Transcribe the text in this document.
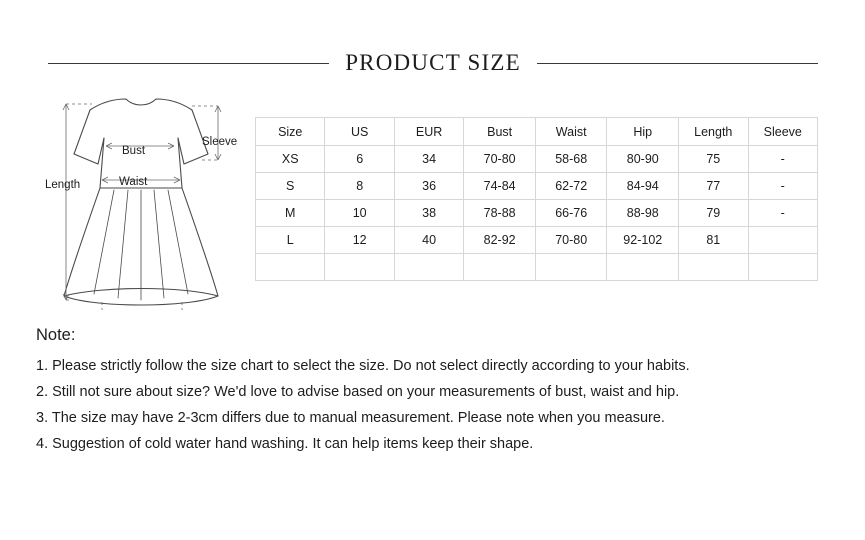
PRODUCT SIZE
Bust
Waist
Length
Sleeve
Size	US	EUR	Bust	Waist	Hip	Length	Sleeve
XS	6	34	70-80	58-68	80-90	75	-
S	8	36	74-84	62-72	84-94	77	-
M	10	38	78-88	66-76	88-98	79	-
L	12	40	82-92	70-80	92-102	81	

Note:
1. Please strictly follow the size chart to select the size. Do not select directly according to your habits.
2. Still not sure about size? We'd love to advise based on your measurements of bust, waist and hip.
3. The size may have 2-3cm differs due to manual measurement. Please note when you measure.
4. Suggestion of cold water hand washing. It can help items keep their shape.
